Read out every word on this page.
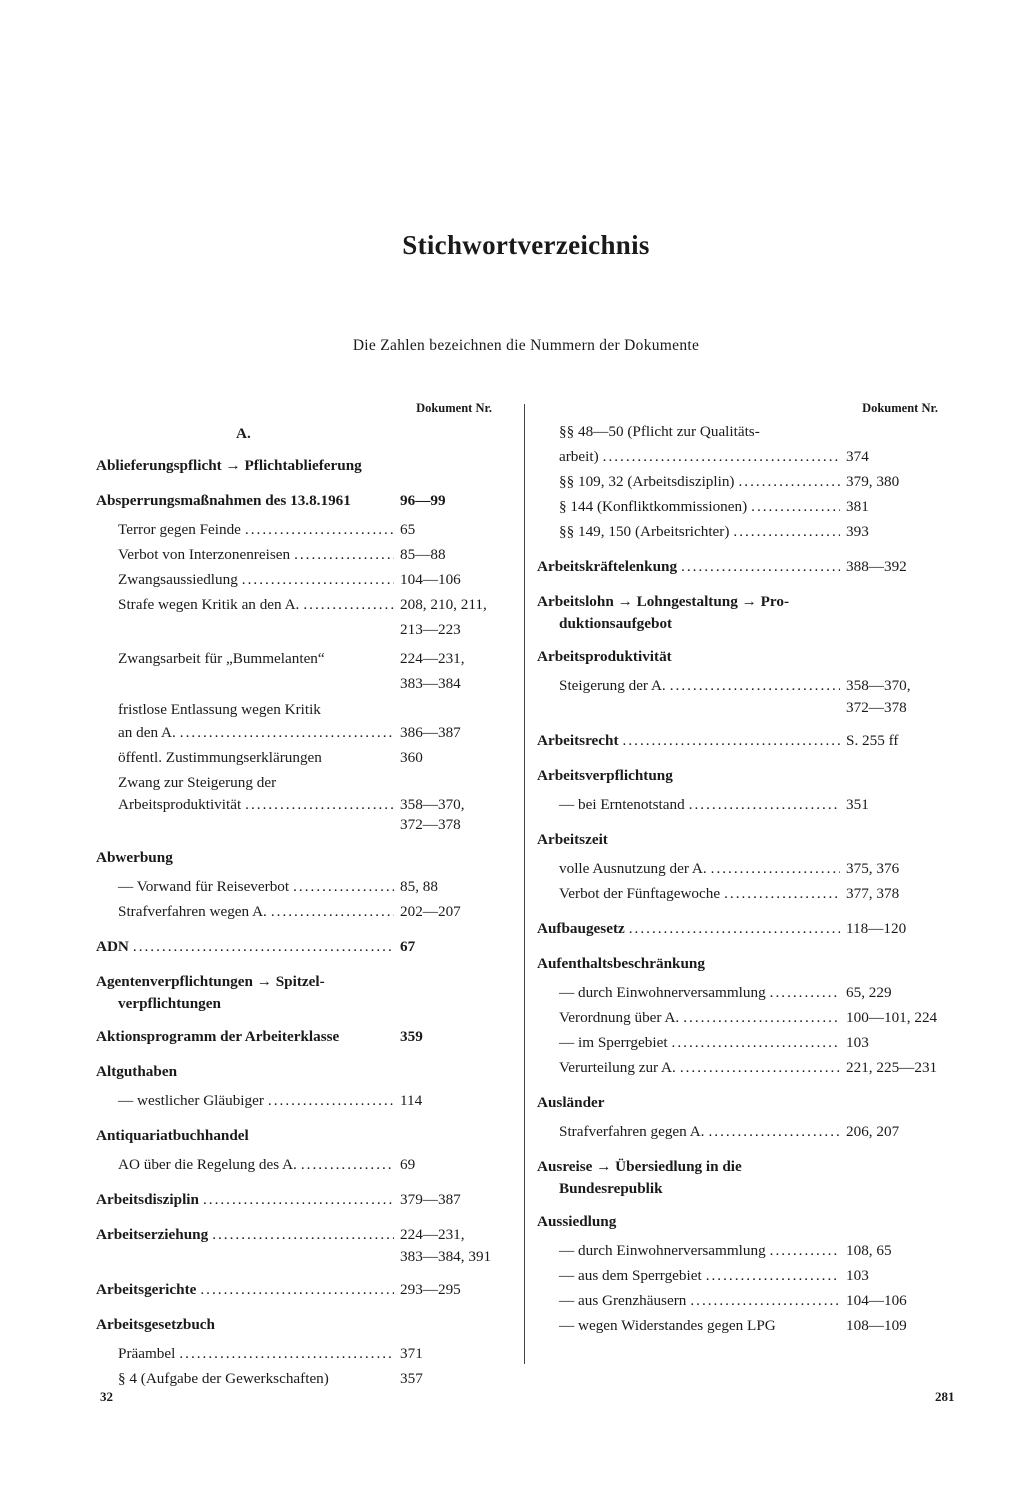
Stichwortverzeichnis
Die Zahlen bezeichnen die Nummern der Dokumente
Dokument Nr.
A.
Ablieferungspflicht → Pflichtablieferung
Absperrungsmaßnahmen des 13.8.1961	96—99
Terror gegen Feinde .....	65
Verbot von Interzonenreisen .....	85—88
Zwangsaussiedlung .....	104—106
Strafe wegen Kritik an den A. .....	208, 210, 211,
213—223
Zwangsarbeit für „Bummelanten“	224—231,
383—384
fristlose Entlassung wegen Kritik
an den A. .....	386—387
öffentl. Zustimmungserklärungen	360
Zwang zur Steigerung der
Arbeitsproduktivität .....	358—370,
372—378
Abwerbung
— Vorwand für Reiseverbot .....	85, 88
Strafverfahren wegen A. .....	202—207
ADN .....	67
Agentenverpflichtungen → Spitzel-
verpflichtungen
Aktionsprogramm der Arbeiterklasse	359
Altguthaben
— westlicher Gläubiger .....	114
Antiquariatbuchhandel
AO über die Regelung des A. .....	69
Arbeitsdisziplin .....	379—387
Arbeitserziehung .....	224—231,
383—384, 391
Arbeitsgerichte .....	293—295
Arbeitsgesetzbuch
Präambel .....	371
§ 4 (Aufgabe der Gewerkschaften)	357
Dokument Nr.
§§ 48—50 (Pflicht zur Qualitäts-
arbeit) .....	374
§§ 109, 32 (Arbeitsdisziplin) .....	379, 380
§ 144 (Konfliktkommissionen) .....	381
§§ 149, 150 (Arbeitsrichter) .....	393
Arbeitskräftelenkung .....	388—392
Arbeitslohn → Lohngestaltung → Pro-
duktionsaufgebot
Arbeitsproduktivität
Steigerung der A. .....	358—370,
372—378
Arbeitsrecht .....	S. 255 ff
Arbeitsverpflichtung
— bei Erntenotstand .....	351
Arbeitszeit
volle Ausnutzung der A. .....	375, 376
Verbot der Fünftagewoche .....	377, 378
Aufbaugesetz .....	118—120
Aufenthaltsbeschränkung
— durch Einwohnerversammlung .....	65, 229
Verordnung über A. .....	100—101, 224
— im Sperrgebiet .....	103
Verurteilung zur A. .....	221, 225—231
Ausländer
Strafverfahren gegen A. .....	206, 207
Ausreise → Übersiedlung in die
Bundesrepublik
Aussiedlung
— durch Einwohnerversammlung .....	108, 65
— aus dem Sperrgebiet .....	103
— aus Grenzhäusern .....	104—106
— wegen Widerstandes gegen LPG	108—109
32	281
